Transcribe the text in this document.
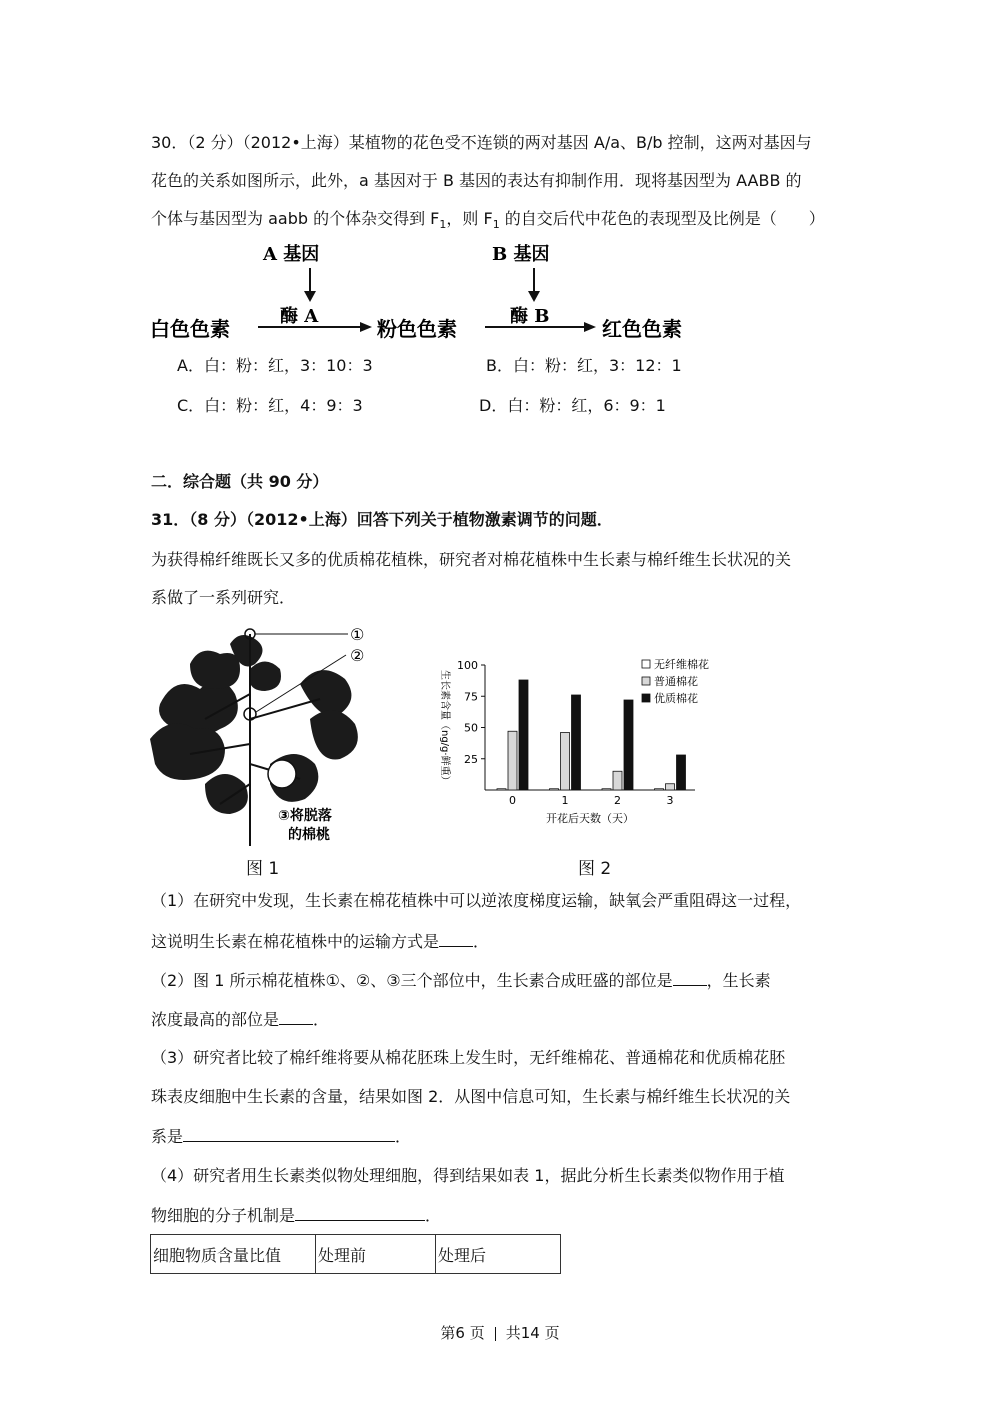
30．（2 分）（2012•上海）某植物的花色受不连锁的两对基因 A/a、B/b 控制，这两对基因与
花色的关系如图所示，此外，a 基因对于 B 基因的表达有抑制作用．现将基因型为 AABB 的
个体与基因型为 aabb 的个体杂交得到 $F_1$，则 $F_1$ 的自交后代中花色的表现型及比例是（　　）
A 基因	B 基因
酶 A	酶 B
白色色素	粉色色素	红色色素
A．白：粉：红，3：10：3	B．白：粉：红，3：12：1
C．白：粉：红，4：9：3	D．白：粉：红，6：9：1
二．综合题（共 90 分）
31．（8 分）（2012•上海）回答下列关于植物激素调节的问题．
为获得棉纤维既长又多的优质棉花植株，研究者对棉花植株中生长素与棉纤维生长状况的关
系做了一系列研究．
①
②
③将脱落
的棉桃
图 1
生长素含量（ng/g·鲜重） 25
50
75
100
0	1	2	3
无纤维棉花
普通棉花
优质棉花
开花后天数（天）
图 2
（1）在研究中发现，生长素在棉花植株中可以逆浓度梯度运输，缺氧会严重阻碍这一过程，
这说明生长素在棉花植株中的运输方式是 ．
（2）图 1 所示棉花植株①、②、③三个部位中，生长素合成旺盛的部位是 ，生长素
浓度最高的部位是 ．
（3）研究者比较了棉纤维将要从棉花胚珠上发生时，无纤维棉花、普通棉花和优质棉花胚
珠表皮细胞中生长素的含量，结果如图 2．从图中信息可知，生长素与棉纤维生长状况的关
系是	．
（4）研究者用生长素类似物处理细胞，得到结果如表 1，据此分析生长素类似物作用于植
物细胞的分子机制是	．
细胞物质含量比值	处理前	处理后
第6 页 共14 页
